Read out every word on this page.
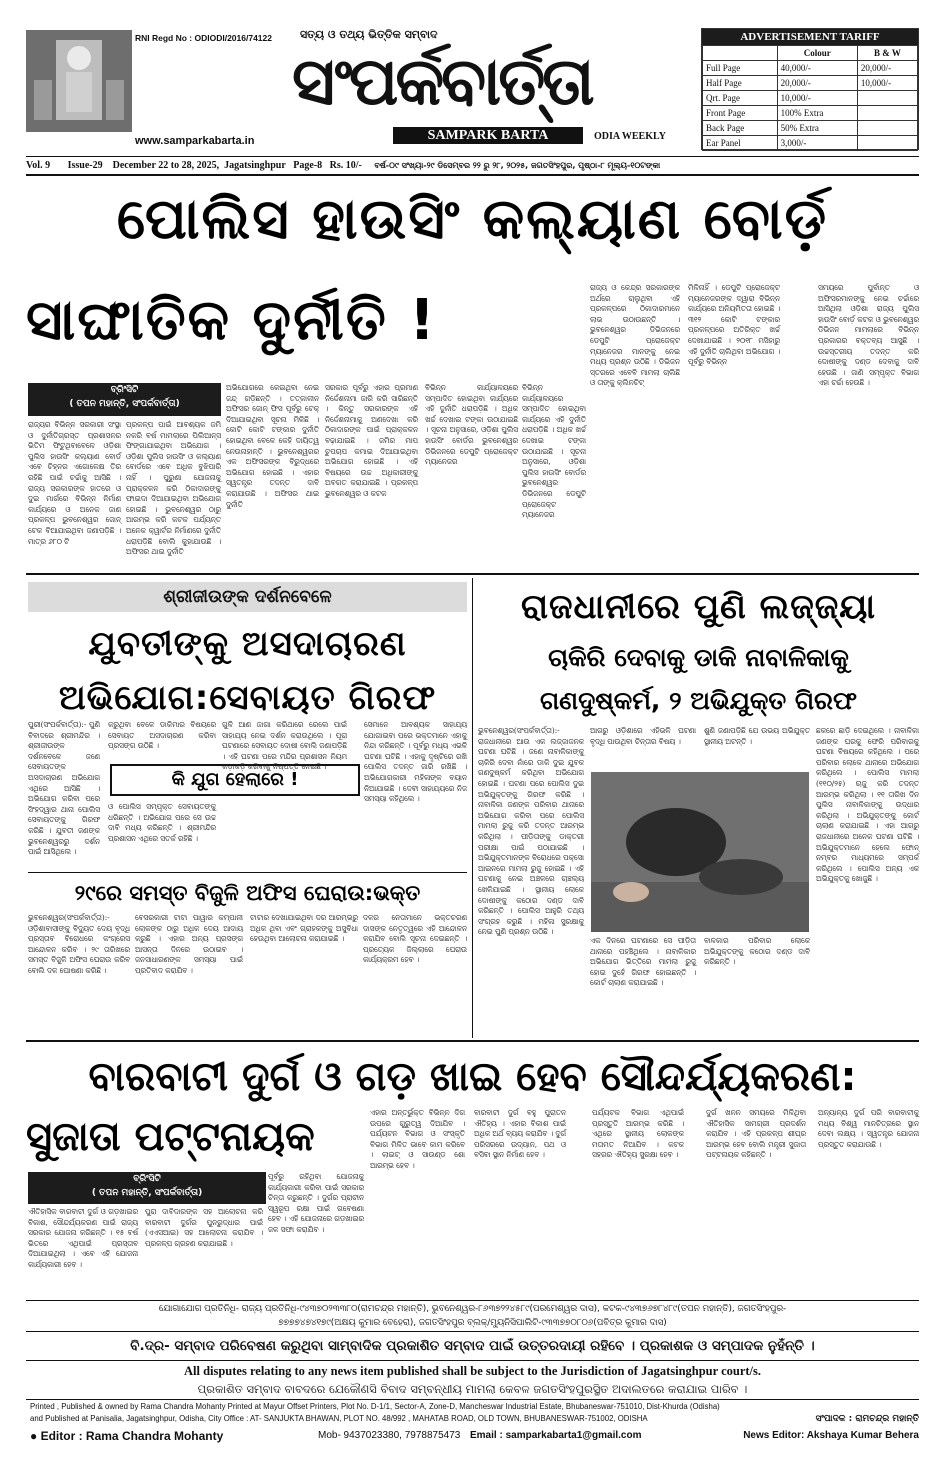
RNI Regd No : ODIODI/2016/74122	ସତ୍ୟ ଓ ତଥ୍ୟ ଭିତ୍ତିକ ସମ୍ବାଦ
ସଂପର୍କବାର୍ତ୍ତା
SAMPARK BARTA	ODIA WEEKLY
www.samparkabarta.in
ADVERTISEMENT TARIFF
	Colour	B & W
Full Page	40,000/-	20,000/-
Half Page	20,000/-	10,000/-
Qrt. Page	10,000/-	
Front Page	100% Extra	
Back Page	50% Extra	
Ear Panel	3,000/-	
Vol. 9 Issue-29 December 22 to 28, 2025, Jagatsinghpur Page-8 Rs. 10/- ବର୍ଷ-୦୯ ସଂଖ୍ୟା-୨୯ ଡିସେମ୍ବର ୨୨ ରୁ ୨୮, ୨୦୨୫, ଜଗତସିଂହପୁର, ପୃଷ୍ଠା-୮ ମୂଲ୍ୟ-୧୦ଟଙ୍କା
ପୋଲିସ ହାଉସିଂ କଲ୍ୟାଣ ବୋର୍ଡ଼
ସାଙ୍ଘାତିକ ଦୁର୍ନୀତି !
ବ୍ରିଂସିଟି
( ତପନ ମହାନ୍ତି, ସଂପର୍କବାର୍ତ୍ତା)
ରାଜ୍ୟର ବିଭିନ୍ନ ସରକାରୀ ସଂସ୍ଥା ଓ ଦୁର୍ନୀତିଗ୍ରସ୍ତ ପ୍ରଶାସନର ଭିତିମ ଫିଟୁଥିବାବେଳେ ଓଡ଼ିଶା ପୁଲିସ ହାଉସିଂ କଲ୍ୟାଣ ବୋର୍ଡ ଏବେ ଚିହ୍ନର ଏଗୋଳେକ୍ଷ ତିର ରହିଛି ପାଇଁ ଚର୍ଚ୍ଚାକୁ ଆସିଛି । ରାଜ୍ୟ ସରକାରଙ୍କ ହାତରେ ଓ ଦୁଇ ମାର୍ଗରେ ବିଭିନ୍ନ ନିର୍ମାଣ କାର୍ଯ୍ୟରେ ଓ ଅନେକ ଜାଣ ପ୍ରକଳ୍ପ ଭୁବନେଶ୍ୱର ଜୋନ୍ ଟେକ ବିଆଯାଇଥିବା ଜଣାପଡ଼ିଛି । ମାତ୍ର ୬୮୦ ଟି
ପ୍ରକଳ୍ପ ପାଇଁ ଆବଶ୍ୟକ ଜମି ନକରି ବର୍ଷ ମାମଲାରେ ପିଲିଆନ୍ସ ଫିଙ୍ଗାଯାଇଥିବା ଅଭିଯୋଗ । ଓଡ଼ିଶା ପୁଲିସ ହାଉସିଂ ଓ କଲ୍ୟାଣ ବୋର୍ଡରେ ଏବେ ଅଧିକ ବୁଝିପାରି ନାହିଁ । ପୁରୁଣା ଯୋଜନାକୁ ପ୍ରାକ୍କଳନ କରି ଠିକାଦାରଙ୍କୁ ଫାଇଦା ଦିଆଯାଇଥିବା ଅଭିଯୋଗ ହୋଇଛି । ଭୁବନେଶ୍ୱର ଠାରୁ ଆରମ୍ଭ କରି କଟକ ପର୍ଯ୍ୟନ୍ତ ଅନେକ କ୍ୱାର୍ଟର ନିର୍ମାଣରେ ଦୁର୍ନୀତି ଧରାପଡ଼ିଛି ବୋଲି କୁହାଯାଉଛି । ଅଫିସର ଥାଇ ଦୁର୍ନୀତି
ଅଭିଯୋଗରେ କେଇଥିବା ନେଇ ଜନ୍ଦ୍ ଗଡ଼ିଛନ୍ତି । ତତ୍କାଳୀନ ଅଫିସର ଜୋନ୍ ଫିସ ପୂର୍ବରୁ ଟେକ୍ ଦିଆଯାଇଥିବା ସୂଚନା ମିଳିଛି । କୋଟି କୋଟି ଟଙ୍କାର ଦୁର୍ନୀତି ହୋଇଥିବା ବେଳେ କେହି ଦାୟିତ୍ୱ ନେଉନାହାନ୍ତି । ଭୁବନେଶ୍ୱରର ଏକ ଅଫିସରଙ୍କ ବିରୁଦ୍ଧରେ ଅଭିଯୋଗ ହୋଇଛି । ଏହାର ସ୍ୱତନ୍ତ୍ର ତଦନ୍ତ ଦାବି କରାଯାଉଛି । ଅଫିସର ଥାଇ ଦୁର୍ନୀତି
ସରକାର ପୂର୍ବରୁ ଏହାର ପ୍ରମାଣ ନିର୍ଦ୍ଦେଶନାମା ଜାରି କରି ସାରିଛନ୍ତି । କିନ୍ତୁ ସରକାରଙ୍କ ଏହି ନିର୍ଦ୍ଦେଶନାମାକୁ ଅଣଦେଖା କରି ଠିକାଦାରଙ୍କ ପାଇଁ ପ୍ରାକ୍କଳନ ବଢ଼ାଯାଇଛି । ଜମିର ମାପ ଚୁପଚାପ କମାଇ ଦିଆଯାଇଥିବା ଅଭିଯୋଗ ହୋଇଛି । ଏହି ବିଷୟରେ ଉଚ୍ଚ ଅଧିକାରୀଙ୍କୁ ଅବଗତ କରାଯାଇଛି । ପ୍ରକଳ୍ପ ଭୁବନେଶ୍ୱର ଓ କଟକ
ବିଭିନ୍ନ କାର୍ଯ୍ୟାଳୟରେ ସମ୍ପାଦିତ ହୋଇଥିବା କାର୍ଯ୍ୟରେ ଏହି ଦୁର୍ନୀତି ଧରାପଡ଼ିଛି । ଅଧିକ ଖର୍ଚ୍ଚ ଦେଖାଇ ଟଙ୍କା ଉଠାଯାଇଛି । ସୂଚନା ଅନୁସାରେ, ଓଡ଼ିଶା ପୁଲିସ ହାଉସିଂ ବୋର୍ଡର ଭୁବନେଶ୍ୱର ଡିଭିଜନରେ ଡେପୁଟି ପ୍ରୋଜେକ୍ଟ ମ୍ୟାନେଜର
ରାଜ୍ୟ ଓ କେନ୍ଦ୍ର ସରକାରଙ୍କ ଅର୍ଥରେ ଚାଲୁଥିବା ଏହି ପ୍ରକଳ୍ପରେ ଠିକାଦାରମାନେ ଲାଭ ଉଠାଉଛନ୍ତି । ଭୁବନେଶ୍ୱର ଡିଭିଜନରେ ଡେପୁଟି ପ୍ରୋଜେକ୍ଟ ମ୍ୟାନେଜର ମାନଙ୍କୁ ନେଇ ମଧ୍ୟ ପ୍ରଶ୍ନ ଉଠିଛି । ଡିଭିଜନ ସ୍ତରରେ ଏବେବି ମାମଲା ଚାଲିଛି ଓ ତାଙ୍କୁ କ୍ଲିନଚିଟ୍
ମିଳିନାହିଁ । ଡେପୁଟି ପ୍ରୋଜେକ୍ଟ ମ୍ୟାନେଜରଙ୍କ ଦ୍ୱାରା ବିଭିନ୍ନ କାର୍ଯ୍ୟରେ ଅନିୟମିତତା ହୋଇଛି । ୩୧୨ କୋଟି ଟଙ୍କାର ପ୍ରକଳ୍ପରେ ଅତିରିକ୍ତ ଖର୍ଚ୍ଚ ଦେଖାଯାଇଛି । ୨୦୧୮ ମସିହାରୁ ଏହି ଦୁର୍ନୀତି ଚାଲିଥିବା ଅଭିଯୋଗ । ପୂର୍ବରୁ ବିଭିନ୍ନ
ସମୟରେ ପୁର୍ବାନ୍ତ ଓ ଅଫିସରମାନଙ୍କୁ ନେଇ ଚର୍ଚ୍ଚାରେ ଆସିଥିଲା ଓଡ଼ିଶା ରାଜ୍ୟ ପୁଲିସ ହାଉସିଂ ବୋର୍ଡ଼ କଟକ ଓ ଭୁବନେଶ୍ୱର ଡିଭିଜନ ମାମଲାରେ ବିଭିନ୍ନ ପ୍ରକାରର ବକ୍ତବ୍ୟ ଆସୁଛି । ଉଚ୍ଚସ୍ତରୀୟ ତଦନ୍ତ କରି ଦୋଷୀଙ୍କୁ ଦଣ୍ଡ ଦେବାକୁ ଦାବି ହେଉଛି । ଜାଣି ସମ୍ପୃକ୍ତ ବିଭାଗ ଏହା ଚର୍ଚ୍ଚା ହେଉଛି ।
ବିଭିନ୍ନ କାର୍ଯ୍ୟାଳୟରେ ସମ୍ପାଦିତ ହୋଇଥିବା କାର୍ଯ୍ୟରେ ଏହି ଦୁର୍ନୀତି ଧରାପଡ଼ିଛି । ଅଧିକ ଖର୍ଚ୍ଚ ଦେଖାଇ ଟଙ୍କା ଉଠାଯାଇଛି । ସୂଚନା ଅନୁସାରେ, ଓଡ଼ିଶା ପୁଲିସ ହାଉସିଂ ବୋର୍ଡର ଭୁବନେଶ୍ୱର ଡିଭିଜନରେ ଡେପୁଟି ପ୍ରୋଜେକ୍ଟ ମ୍ୟାନେଜର
ଶ୍ରୀଜୀଉଙ୍କ ଦର୍ଶନବେଳେ
ଯୁବତୀଙ୍କୁ ଅସଦାଚାରଣ
ଅଭିଯୋଗ:ସେବାୟତ ଗିରଫ
ପୁରୀ(ସଂପର୍କବାର୍ତ୍ତା):- ପୁଣି ବିବାଦରେ ଶ୍ରୀମନ୍ଦିର । ଶ୍ରୀଜୀଉଙ୍କ ଦର୍ଶନବେଳେ ଜଣେ ସେବାୟତଙ୍କ ଅସଦାଚାରଣ ଅଭିଯୋଗ ଏଥିରେ ଆସିଛି । ଅଭିଯୋଗ କରିବା ପରେ ସିଂହଦ୍ୱାର ଥାନା ପୋଲିସ ସେବାୟତଙ୍କୁ ଗିରଫ କରିଛି । ଯୁବତୀ ଜଣଙ୍କ ଭୁବନେଶ୍ୱରରୁ ଦର୍ଶନ ପାଇଁ ଆସିଥିଲେ ।
କରୁଥିବା ବେଳେ ଡାକିମାର ବିଷୟରେ ସେବାୟତ ଅସଦାଚାରଣ କରିବା ପ୍ରସଙ୍ଗ ଉଠିଛି ।
କି ଯୁଗ ହେଲାରେ !
ଓ ପୋଲିସ ସମ୍ପୃକ୍ତ ସେବାୟତଙ୍କୁ ଧରିଛନ୍ତି । ଅଭିଯୋଗ ପରେ ସେ ଉଚ୍ଚ ଦାବି ମଧ୍ୟ କରିଛନ୍ତି । ଶ୍ରୀମନ୍ଦିର ପ୍ରଶାସନ ଏଥିରେ ସତର୍କ ରହିଛି ।
ଗୁଳି ଆଣ ଜାଗା କରିଥାରେ ରେଲେ ପାଇଁ ସାହାଯ୍ୟ ନେଇ ଦର୍ଶନ କରାଉଥିଲେ । ପୂରା ଘଟଣାରେ ସେବାୟତ ଦୋଷୀ ବୋଲି ଜଣାପଡ଼ିଛି । ଏହି ଘଟଣା ପରେ ମନ୍ଦିର ପ୍ରଶାସନ ନିୟମ କଡ଼ାକଡ଼ି କରିବାକୁ ନିଷ୍ପତ୍ତି ନେଇଛି ।
ସେମାନେ ଆବଶ୍ୟକ ସାହାଯ୍ୟ ଯୋଗାଇବା ପରେ ଭକ୍ତମାନେ ଏହାକୁ ନିନ୍ଦା କରିଛନ୍ତି । ପୂର୍ବରୁ ମଧ୍ୟ ଏଭଳି ଘଟଣା ଘଟିଛି । ଏହାକୁ ଦୃଷ୍ଟିରେ ରଖି ପୋଲିସ ତଦନ୍ତ ଜାରି ରଖିଛି । ଅଭିଯୋଗକାରୀ ମହିଳାଙ୍କ ବୟାନ ନିଆଯାଇଛି । ଦେବୀ ସାହାଯ୍ୟରେ ନିଜ ସମସ୍ୟା କହିଥିଲେ ।
୨୯ରେ ସମସ୍ତ ବିଜୁଳି ଅଫିସ ଘେରାଉ:ଭକ୍ତ
ଭୁବନେଶ୍ୱର(ସଂପର୍କବାର୍ତ୍ତା):- ଓଡ଼ିଶାବାସୀଙ୍କୁ ବିଦ୍ୟୁତ ଦେୟ ବୃଦ୍ଧି ପ୍ରସ୍ତାବ ବିରୋଧରେ କଂଗ୍ରେସ ଆନ୍ଦୋଳନ କରିବ । ୨୯ ତାରିଖରେ ସମସ୍ତ ବିଜୁଳି ଅଫିସ ଘେରାଉ କରିବ ବୋଲି ଦଳ ଘୋଷଣା କରିଛି ।
ବେସରକାରୀ ଟାଟା ପାୱାର କମ୍ପାନୀ ଲୋକଙ୍କ ଠାରୁ ଅଧିକ ଦେୟ ଆଦାୟ କରୁଛି । ଏହାର ଅନ୍ୟ ପ୍ରସଙ୍ଗ ଆସନ୍ତା ଦିନରେ ଉଠାଇବ । ଜନସାଧାରଣଙ୍କ ସମସ୍ୟା ପାଇଁ ପ୍ରତିବାଦ କରାଯିବ ।
ଟାଟାର ଦେଖାଯାଇଥିବା ଦର ଆରମ୍ଭରୁ ଅଧିକ ଥିବା ଏବଂ ଗ୍ରାହକଙ୍କୁ ଅସୁବିଧା ହେଉଥିବା ଆଲୋଚନା କରାଯାଇଛି ।
ଦଳର ନେତାମାନେ ଭକ୍ତଚରଣ ଦାସଙ୍କ ନେତୃତ୍ୱରେ ଏହି ଆନ୍ଦୋଳନ କରାଯିବ ବୋଲି ସୂଚନା ଦେଇଛନ୍ତି । ପ୍ରତ୍ୟେକ ଜିଲ୍ଲାରେ ଘେରାଉ କାର୍ଯ୍ୟକ୍ରମ ହେବ ।
ରାଜଧାନୀରେ ପୁଣି ଲଜ୍ଜ୍ୟା
ଚାକିରି ଦେବାକୁ ଡାକି ନାବାଳିକାକୁ
ଗଣଦୁଷ୍କର୍ମ, ୨ ଅଭିଯୁକ୍ତ ଗିରଫ
ଭୁବନେଶ୍ୱର(ସଂପର୍କବାର୍ତ୍ତା):- ରାଜଧାନୀରେ ଆଉ ଏକ ଲଜ୍ଜାଜନକ ଘଟଣା ଘଟିଛି । ଜଣେ ନାବାଳିକାଙ୍କୁ ଚାକିରି ଦେବା ନାଁରେ ଡାକି ଦୁଇ ଯୁବକ ଗଣଦୁଷ୍କର୍ମ କରିଥିବା ଅଭିଯୋଗ ହୋଇଛି । ଘଟଣା ପରେ ପୋଲିସ ଦୁଇ ଅଭିଯୁକ୍ତଙ୍କୁ ଗିରଫ କରିଛି । ନାବାଳିକା ଜଣଙ୍କ ପରିବାର ଥାନାରେ ଅଭିଯୋଗ କରିବା ପରେ ପୋଲିସ ମାମଲା ରୁଜୁ କରି ତଦନ୍ତ ଆରମ୍ଭ କରିଥିଲା । ପୀଡ଼ିତାଙ୍କୁ ଡାକ୍ତରୀ ପରୀକ୍ଷା ପାଇଁ ପଠାଯାଇଛି । ଅଭିଯୁକ୍ତମାନଙ୍କ ବିରୋଧରେ ପକ୍ସୋ ଆଇନରେ ମାମଲା ରୁଜୁ ହୋଇଛି । ଏହି ଘଟଣାକୁ ନେଇ ଅଞ୍ଚଳରେ ଚାଞ୍ଚଲ୍ୟ ଖେଳିଯାଇଛି । ସ୍ଥାନୀୟ ଲୋକେ ଦୋଷୀଙ୍କୁ କଠୋର ଦଣ୍ଡ ଦାବି କରିଛନ୍ତି । ପୋଲିସ ଆହୁରି ତଥ୍ୟ ସଂଗ୍ରହ କରୁଛି । ମହିଳା ସୁରକ୍ଷାକୁ ନେଇ ପୁଣି ପ୍ରଶ୍ନ ଉଠିଛି ।
ଆଗରୁ ଓଡ଼ିଶାରେ ଏହିଭଳି ଘଟଣା ବୃଦ୍ଧି ପାଉଥିବା ଚିନ୍ତାର ବିଷୟ ।
ଶୁଣି ଜଣାପଡ଼ିଛି ଯେ ଉଭୟ ଅଭିଯୁକ୍ତ ସ୍ଥାନୀୟ ଅଟନ୍ତି ।
ଏକ ଦିନରେ ଘଟଣାରେ ସେ ପୀଡ଼ିତା ଥାନାରେ ପହଞ୍ଚିଥିଲେ । ନାବାଳିକାର ଅଭିଯୋଗ ଭିତ୍ତିରେ ମାମଲା ରୁଜୁ ହୋଇ ଦୁହେଁ ଗିରଫ ହୋଇଛନ୍ତି । କୋର୍ଟ ଚାଲାଣ କରାଯାଇଛି ।
ବାଳକାର ପରିବାର ଲୋକେ ଅଭିଯୁକ୍ତଙ୍କୁ କଠୋର ଦଣ୍ଡ ଦାବି କରିଛନ୍ତି ।
ଛକରେ ଛାଡ଼ି ଦେଇଥିଲେ । ନାବାଳିକା ଜଣଙ୍କ ଘରକୁ ଫେରି ପରିବାରକୁ ଘଟଣା ବିଷୟରେ କହିଥିଲେ । ପରେ ପରିବାର ଲୋକେ ଥାନାରେ ଅଭିଯୋଗ କରିଥିଲେ । ପୋଲିସ ମାମଲା (୧୧୦/୨୫) ଋଜୁ କରି ତଦନ୍ତ ଆରମ୍ଭ କରିଥିଲା । ୧୧ ତାରିଖ ଦିନ ପୁଲିସ ନାବାଳିକାଙ୍କୁ ଉଦ୍ଧାର କରିଥିଲା । ଅଭିଯୁକ୍ତଙ୍କୁ କୋର୍ଟ ଚାଲାଣ କରାଯାଇଛି । ଏହା ଆଗରୁ ରାଜଧାନୀରେ ଅନେକ ଘଟଣା ଘଟିଛି । ଅଭିଯୁକ୍ତମାନେ ହେଲେ ଫୋନ୍ ନମ୍ବର ମାଧ୍ୟମରେ ସମ୍ପର୍କ କରିଥିଲେ । ପୋଲିସ ଅନ୍ୟ ଏକ ଅଭିଯୁକ୍ତକୁ ଖୋଜୁଛି ।
ବାରବାଟୀ ଦୁର୍ଗ ଓ ଗଡ଼ ଖାଇ ହେବ ସୌନ୍ଦର୍ଯ୍ୟକରଣ:
ସୁଜାତା ପଟ୍ଟନାୟକ
ବ୍ରିଂସିଟି
( ତପନ ମହାନ୍ତି, ସଂପର୍କବାର୍ତ୍ତା)
ଐତିହାସିକ ବାରବାଟୀ ଦୁର୍ଗ ଓ ଗଡ଼ଖାଇର ବିକାଶ, ସୌନ୍ଦର୍ଯ୍ୟକରଣ ପାଇଁ ରାଜ୍ୟ ସରକାର ଯୋଜନା କରିଛନ୍ତି । ୧୫ ବର୍ଷ ଭିତରେ ଏଥିପାଇଁ ପ୍ରସ୍ତାବ ଦିଆଯାଇଥିଲା । ଏବେ ଏହି ଯୋଜନା କାର୍ଯ୍ୟକାରୀ ହେବ ।
ପୁରା ଦାବିଦାରଙ୍କ ସହ ଆଲୋଚନା କରି ବାରବାଟୀ ଦୁର୍ଗର ପୁନରୁଦ୍ଧାର ପାଇଁ (ଏଏସଆଇ) ସହ ଆଲୋଚନା କରାଯିବ । ପ୍ରକଳ୍ପ ଗ୍ରହଣ କରାଯାଇଛି ।
ପୂର୍ବରୁ ରହିଥିବା ଯୋଜନାକୁ କାର୍ଯ୍ୟକାରୀ କରିବା ପାଇଁ ସରକାର ଚିନ୍ତା କରୁଛନ୍ତି । ଦୁର୍ଗର ପ୍ରାଚୀନ ସ୍ୱରୂପ ରକ୍ଷା ପାଇଁ ଗବେଷଣା ହେବ । ଏହି ଯୋଜନାରେ ଗଡ଼ଖାଇର ଜଳ ସଫା କରାଯିବ ।
ଏହାର ଅନ୍ତର୍ଭୁକ୍ତ ବିଭିନ୍ନ ଦିଗ ଉପରେ ଗୁରୁତ୍ୱ ଦିଆଯିବ । ପର୍ଯ୍ୟଟନ ବିଭାଗ ଓ ସଂସ୍କୃତି ବିଭାଗ ମିଳିତ ଭାବେ କାମ କରିବେ । ଲାଇଟ୍ ଓ ସାଉଣ୍ଡ ଶୋ ଆରମ୍ଭ ହେବ ।
ବାରବାଟୀ ଦୁର୍ଗ ବହୁ ପୁରାତନ ଐତିହ୍ୟ । ଏହାର ବିକାଶ ପାଇଁ ଅଧିକ ଅର୍ଥ ବ୍ୟୟ କରାଯିବ । ଦୁର୍ଗ ପରିସରରେ ଉଦ୍ୟାନ, ପଥ ଓ ବସିବା ସ୍ଥାନ ନିର୍ମାଣ ହେବ ।
ପର୍ଯ୍ୟଟକ ବିଭାଗ ଏଥିପାଇଁ ପ୍ରସ୍ତୁତି ଆରମ୍ଭ କରିଛି । ଏଥିରେ ସ୍ଥାନୀୟ ଲୋକଙ୍କ ମତାମତ ନିଆଯିବ । କଟକ ସହରର ଐତିହ୍ୟ ସୁରକ୍ଷା ହେବ ।
ଦୁର୍ଗ ଖନନ ସମୟରେ ମିଳିଥିବା ଐତିହାସିକ ସାମଗ୍ରୀ ପ୍ରଦର୍ଶନ କରାଯିବ । ଏହି ପ୍ରକଳ୍ପ ଶୀଘ୍ର ଆରମ୍ଭ ହେବ ବୋଲି ମନ୍ତ୍ରୀ ସୁଜାତା ପଟ୍ଟନାୟକ କହିଛନ୍ତି ।
ଅନ୍ୟାନ୍ୟ ଦୁର୍ଗ ପରି ବାରବାଟୀକୁ ମଧ୍ୟ ବିଶ୍ୱ ମାନଚିତ୍ରରେ ସ୍ଥାନ ଦେବା ଲକ୍ଷ୍ୟ । ସ୍ୱତନ୍ତ୍ର ଯୋଜନା ପ୍ରସ୍ତୁତ କରାଯାଉଛି ।
ଯୋଗାଯୋଗ ପ୍ରତିନିଧି- ରାଜ୍ୟ ପ୍ରତିନିଧି-୯୪୩୭୦୨୩୩୮୦(ରାମଚନ୍ଦ୍ର ମହାନ୍ତି), ଭୁବନେଶ୍ୱର-୮୬୩୭୨୨୪୫୮୯(ପରମେଶ୍ୱର ଦାସ), କଟକ-୯୪୩୭୬୭୮୪୮୯(ତପନ ମହାନ୍ତି), ଜଗତସିଂହପୁର-
୭୭୭୭୪୭୪୧୭୯(ଅକ୍ଷୟ କୁମାର ବେହେରା), ଜଗତସିଂହପୁର ବ୍ଲକ୍/ମ୍ୟୁନିସିପାଲିଟି-୯୩୩୭୭୦୮୦୬(ପବିତ୍ର କୁମାର ଦାସ)
ବି.ଦ୍ର- ସମ୍ବାଦ ପରିବେଷଣ କରୁଥିବା ସାମ୍ବାଦିକ ପ୍ରକାଶିତ ସମ୍ବାଦ ପାଇଁ ଉତ୍ତରଦାୟୀ ରହିବେ । ପ୍ରକାଶକ ଓ ସମ୍ପାଦକ ନୁହଁନ୍ତି ।
All disputes relating to any news item published shall be subject to the Jurisdiction of Jagatsinghpur court/s.
ପ୍ରକାଶିତ ସମ୍ବାଦ ବାବଦରେ ଯେକୌଣସି ବିବାଦ ସମ୍ବନ୍ଧୀୟ ମାମଲା କେବଳ ଜଗତସିଂହପୁରସ୍ଥିତ ଅଦାଲତରେ କରାଯାଇ ପାରିବ ।
Printed , Published & owned by Rama Chandra Mohanty Printed at Mayur Offset Printers, Plot No. D-1/1, Sector-A, Zone-D, Mancheswar Industrial Estate, Bhubaneswar-751010, Dist-Khurda (Odisha)
and Published at Panisalia, Jagatsinghpur, Odisha, City Office : AT- SANJUKTA BHAWAN, PLOT NO. 48/992 , MAHATAB ROAD, OLD TOWN, BHUBANESWAR-751002, ODISHA	ସଂପାଦକ : ରାମଚନ୍ଦ୍ର ମହାନ୍ତି
● Editor : Rama Chandra Mohanty	Mob- 9437023380, 7978875473 Email : samparkabarta1@gmail.com	News Editor: Akshaya Kumar Behera
